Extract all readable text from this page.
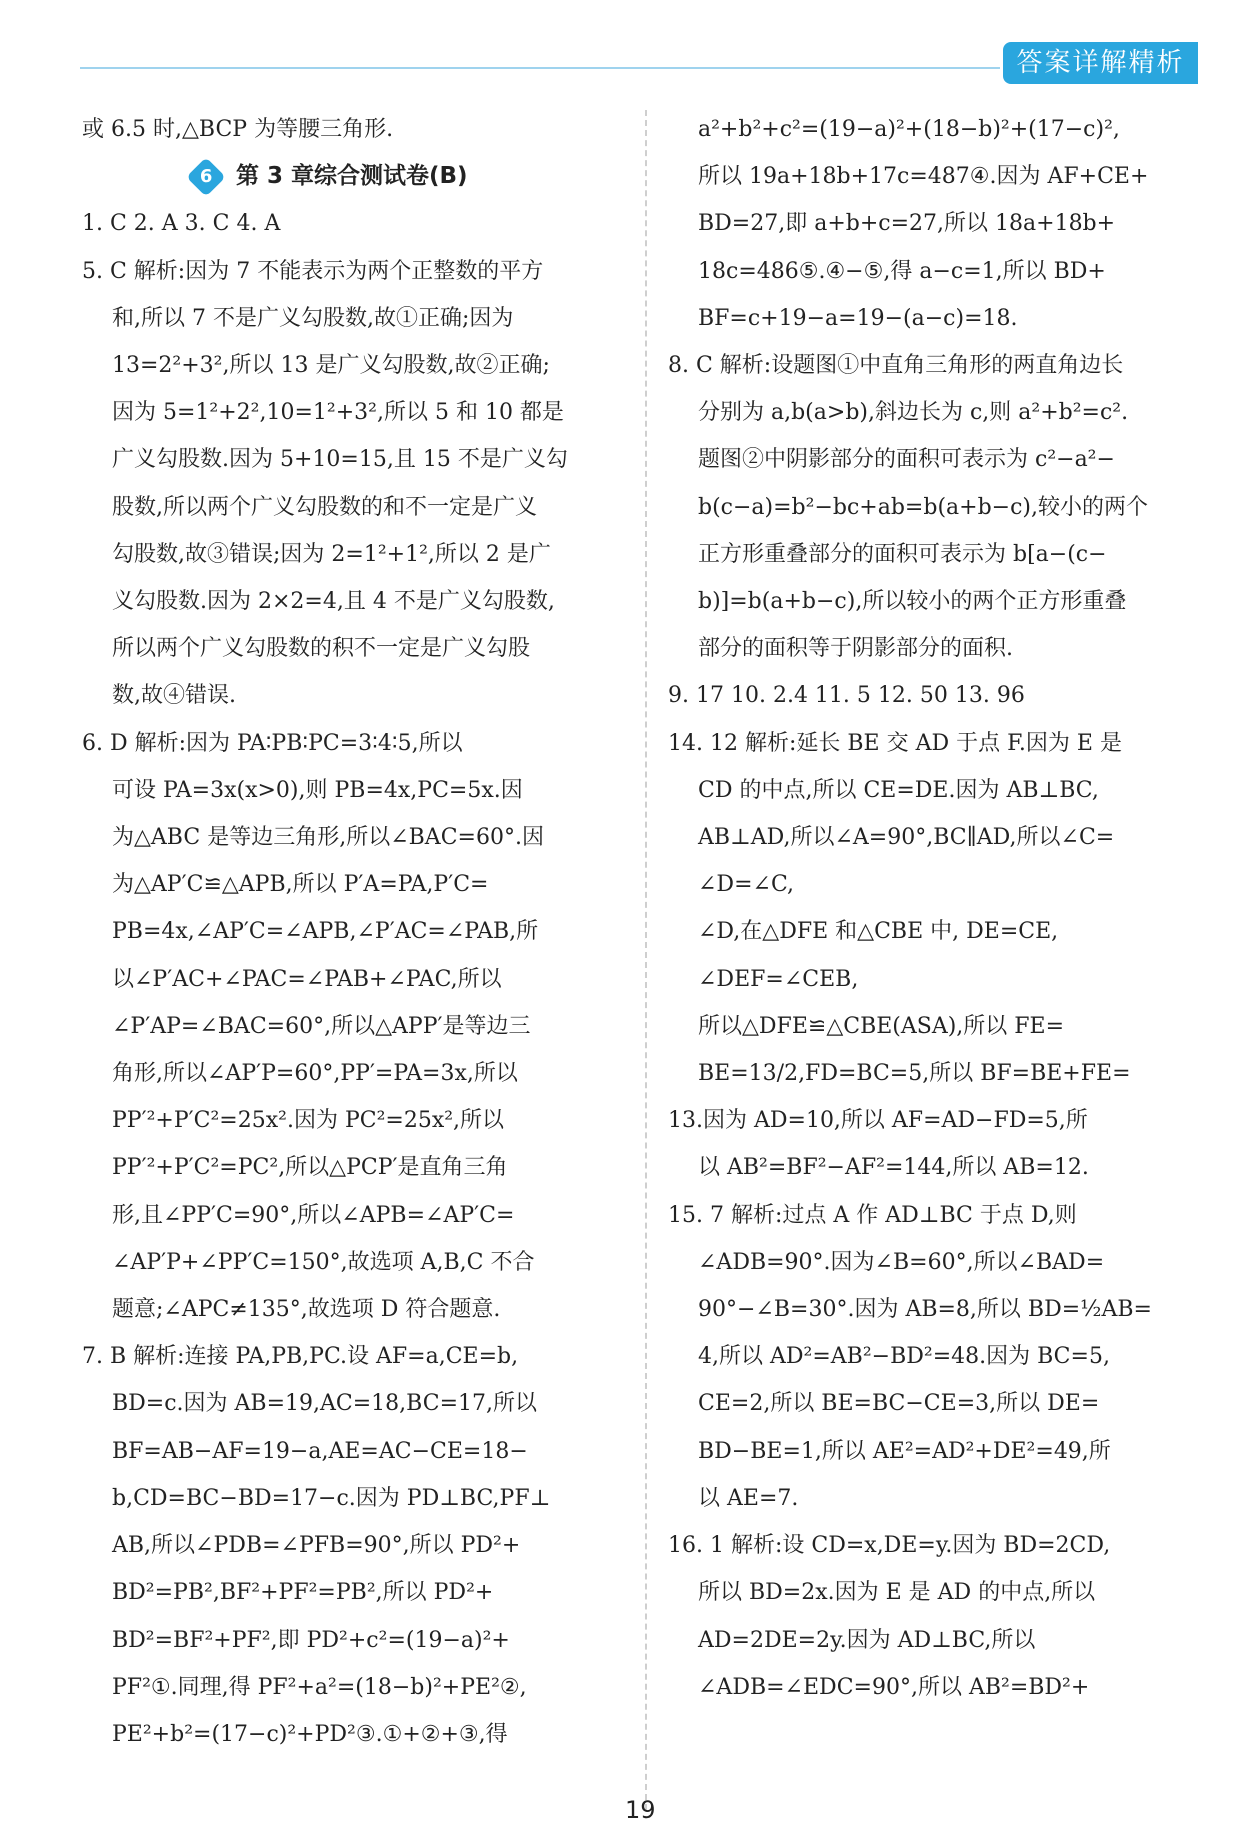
答案详解精析
或 6.5 时,△BCP 为等腰三角形.
6 第 3 章综合测试卷(B)
1. C 2. A 3. C 4. A
5. C 解析:因为 7 不能表示为两个正整数的平方
和,所以 7 不是广义勾股数,故①正确;因为
13=2²+3²,所以 13 是广义勾股数,故②正确;
因为 5=1²+2²,10=1²+3²,所以 5 和 10 都是
广义勾股数.因为 5+10=15,且 15 不是广义勾
股数,所以两个广义勾股数的和不一定是广义
勾股数,故③错误;因为 2=1²+1²,所以 2 是广
义勾股数.因为 2×2=4,且 4 不是广义勾股数,
所以两个广义勾股数的积不一定是广义勾股
数,故④错误.
6. D 解析:因为 PA∶PB∶PC=3∶4∶5,所以
可设 PA=3x(x>0),则 PB=4x,PC=5x.因
为△ABC 是等边三角形,所以∠BAC=60°.因
为△AP′C≌△APB,所以 P′A=PA,P′C=
PB=4x,∠AP′C=∠APB,∠P′AC=∠PAB,所
以∠P′AC+∠PAC=∠PAB+∠PAC,所以
∠P′AP=∠BAC=60°,所以△APP′是等边三
角形,所以∠AP′P=60°,PP′=PA=3x,所以
PP′²+P′C²=25x².因为 PC²=25x²,所以
PP′²+P′C²=PC²,所以△PCP′是直角三角
形,且∠PP′C=90°,所以∠APB=∠AP′C=
∠AP′P+∠PP′C=150°,故选项 A,B,C 不合
题意;∠APC≠135°,故选项 D 符合题意.
7. B 解析:连接 PA,PB,PC.设 AF=a,CE=b,
BD=c.因为 AB=19,AC=18,BC=17,所以
BF=AB−AF=19−a,AE=AC−CE=18−
b,CD=BC−BD=17−c.因为 PD⊥BC,PF⊥
AB,所以∠PDB=∠PFB=90°,所以 PD²+
BD²=PB²,BF²+PF²=PB²,所以 PD²+
BD²=BF²+PF²,即 PD²+c²=(19−a)²+
PF²①.同理,得 PF²+a²=(18−b)²+PE²②,
PE²+b²=(17−c)²+PD²③.①+②+③,得
a²+b²+c²=(19−a)²+(18−b)²+(17−c)²,
所以 19a+18b+17c=487④.因为 AF+CE+
BD=27,即 a+b+c=27,所以 18a+18b+
18c=486⑤.④−⑤,得 a−c=1,所以 BD+
BF=c+19−a=19−(a−c)=18.
8. C 解析:设题图①中直角三角形的两直角边长
分别为 a,b(a>b),斜边长为 c,则 a²+b²=c².
题图②中阴影部分的面积可表示为 c²−a²−
b(c−a)=b²−bc+ab=b(a+b−c),较小的两个
正方形重叠部分的面积可表示为 b[a−(c−
b)]=b(a+b−c),所以较小的两个正方形重叠
部分的面积等于阴影部分的面积.
9. 17 10. 2.4 11. 5 12. 50 13. 96
14. 12 解析:延长 BE 交 AD 于点 F.因为 E 是
CD 的中点,所以 CE=DE.因为 AB⊥BC,
AB⊥AD,所以∠A=90°,BC∥AD,所以∠C=
∠D=∠C,
∠D,在△DFE 和△CBE 中, DE=CE,
∠DEF=∠CEB,
所以△DFE≌△CBE(ASA),所以 FE=
BE=13/2,FD=BC=5,所以 BF=BE+FE=
13.因为 AD=10,所以 AF=AD−FD=5,所
以 AB²=BF²−AF²=144,所以 AB=12.
15. 7 解析:过点 A 作 AD⊥BC 于点 D,则
∠ADB=90°.因为∠B=60°,所以∠BAD=
90°−∠B=30°.因为 AB=8,所以 BD=½AB=
4,所以 AD²=AB²−BD²=48.因为 BC=5,
CE=2,所以 BE=BC−CE=3,所以 DE=
BD−BE=1,所以 AE²=AD²+DE²=49,所
以 AE=7.
16. 1 解析:设 CD=x,DE=y.因为 BD=2CD,
所以 BD=2x.因为 E 是 AD 的中点,所以
AD=2DE=2y.因为 AD⊥BC,所以
∠ADB=∠EDC=90°,所以 AB²=BD²+
19
